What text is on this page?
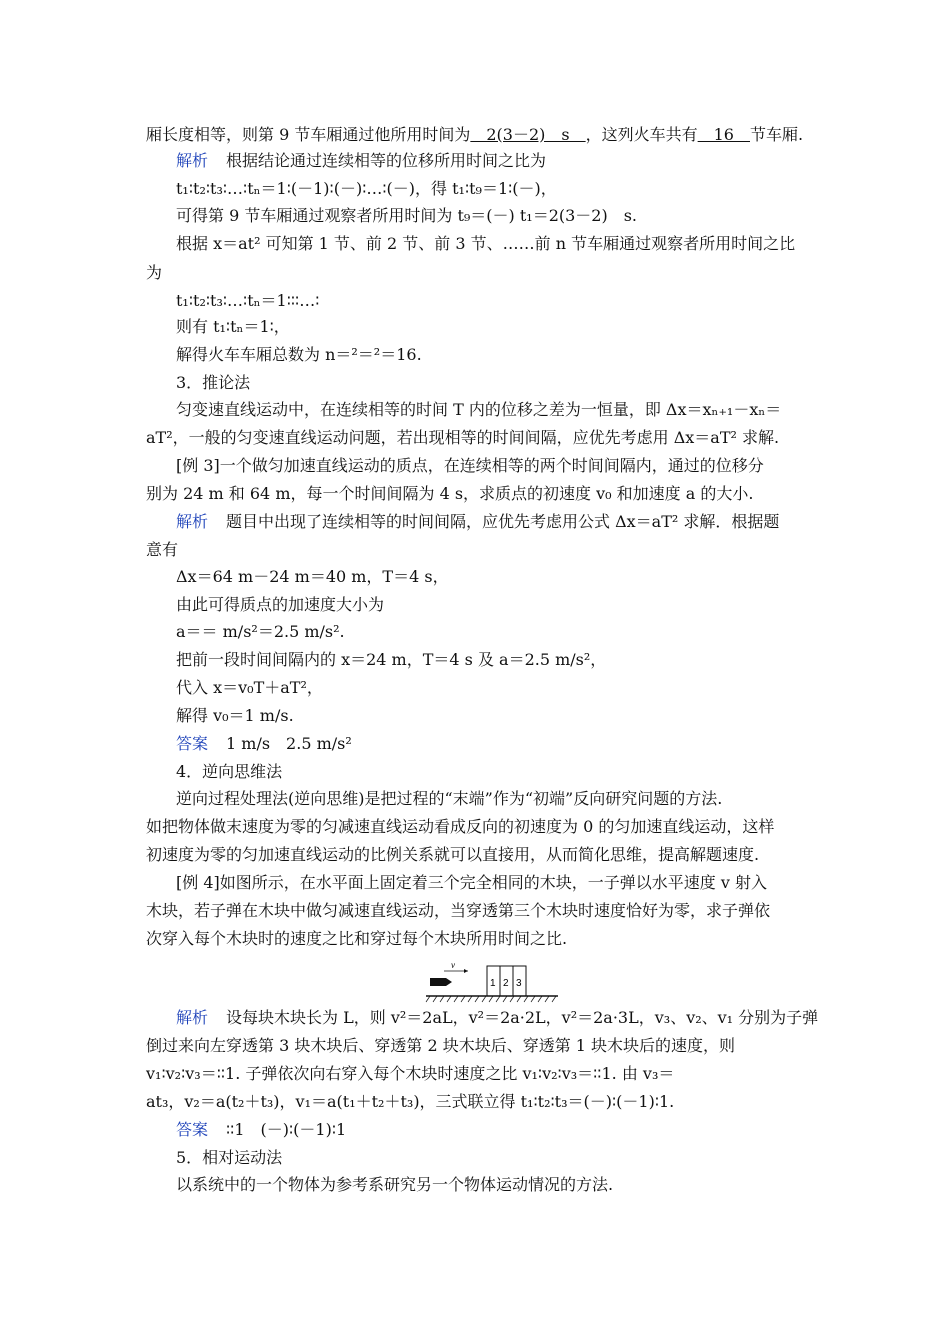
厢长度相等，则第 9 节车厢通过他所用时间为　2(3－2)　s　，这列火车共有　16　节车厢.
解析 根据结论通过连续相等的位移所用时间之比为
t₁∶t₂∶t₃∶…∶tₙ＝1∶(－1)∶(－)∶…∶(－)，得 t₁∶t₉＝1∶(－)，
可得第 9 节车厢通过观察者所用时间为 t₉＝(－) t₁＝2(3－2)　s.
根据 x＝at² 可知第 1 节、前 2 节、前 3 节、……前 n 节车厢通过观察者所用时间之比
为
t₁∶t₂∶t₃∶…∶tₙ＝1∶∶∶…∶
则有 t₁∶tₙ＝1∶，
解得火车车厢总数为 n＝²＝²＝16.
3．推论法
匀变速直线运动中，在连续相等的时间 T 内的位移之差为一恒量，即 Δx＝xₙ₊₁－xₙ＝
aT²，一般的匀变速直线运动问题，若出现相等的时间间隔，应优先考虑用 Δx＝aT² 求解.
[例 3]一个做匀加速直线运动的质点，在连续相等的两个时间间隔内，通过的位移分
别为 24 m 和 64 m，每一个时间间隔为 4 s，求质点的初速度 v₀ 和加速度 a 的大小.
解析 题目中出现了连续相等的时间间隔，应优先考虑用公式 Δx＝aT² 求解．根据题
意有
Δx＝64 m－24 m＝40 m，T＝4 s，
由此可得质点的加速度大小为
a＝＝ m/s²＝2.5 m/s².
把前一段时间间隔内的 x＝24 m，T＝4 s 及 a＝2.5 m/s²，
代入 x＝v₀T＋aT²，
解得 v₀＝1 m/s.
答案 1 m/s　2.5 m/s²
4．逆向思维法
逆向过程处理法(逆向思维)是把过程的“末端”作为“初端”反向研究问题的方法.
如把物体做末速度为零的匀减速直线运动看成反向的初速度为 0 的匀加速直线运动，这样
初速度为零的匀加速直线运动的比例关系就可以直接用，从而简化思维，提高解题速度.
[例 4]如图所示，在水平面上固定着三个完全相同的木块，一子弹以水平速度 v 射入
木块，若子弹在木块中做匀减速直线运动，当穿透第三个木块时速度恰好为零，求子弹依
次穿入每个木块时的速度之比和穿过每个木块所用时间之比.
v
1 2 3
解析 设每块木块长为 L，则 v²＝2aL，v²＝2a·2L，v²＝2a·3L，v₃、v₂、v₁ 分别为子弹
倒过来向左穿透第 3 块木块后、穿透第 2 块木块后、穿透第 1 块木块后的速度，则
v₁∶v₂∶v₃＝∶∶1. 子弹依次向右穿入每个木块时速度之比 v₁∶v₂∶v₃＝∶∶1. 由 v₃＝
at₃，v₂＝a(t₂＋t₃)，v₁＝a(t₁＋t₂＋t₃)，三式联立得 t₁∶t₂∶t₃＝(－)∶(－1)∶1.
答案 ∶∶1　(－)∶(－1)∶1
5．相对运动法
以系统中的一个物体为参考系研究另一个物体运动情况的方法.
